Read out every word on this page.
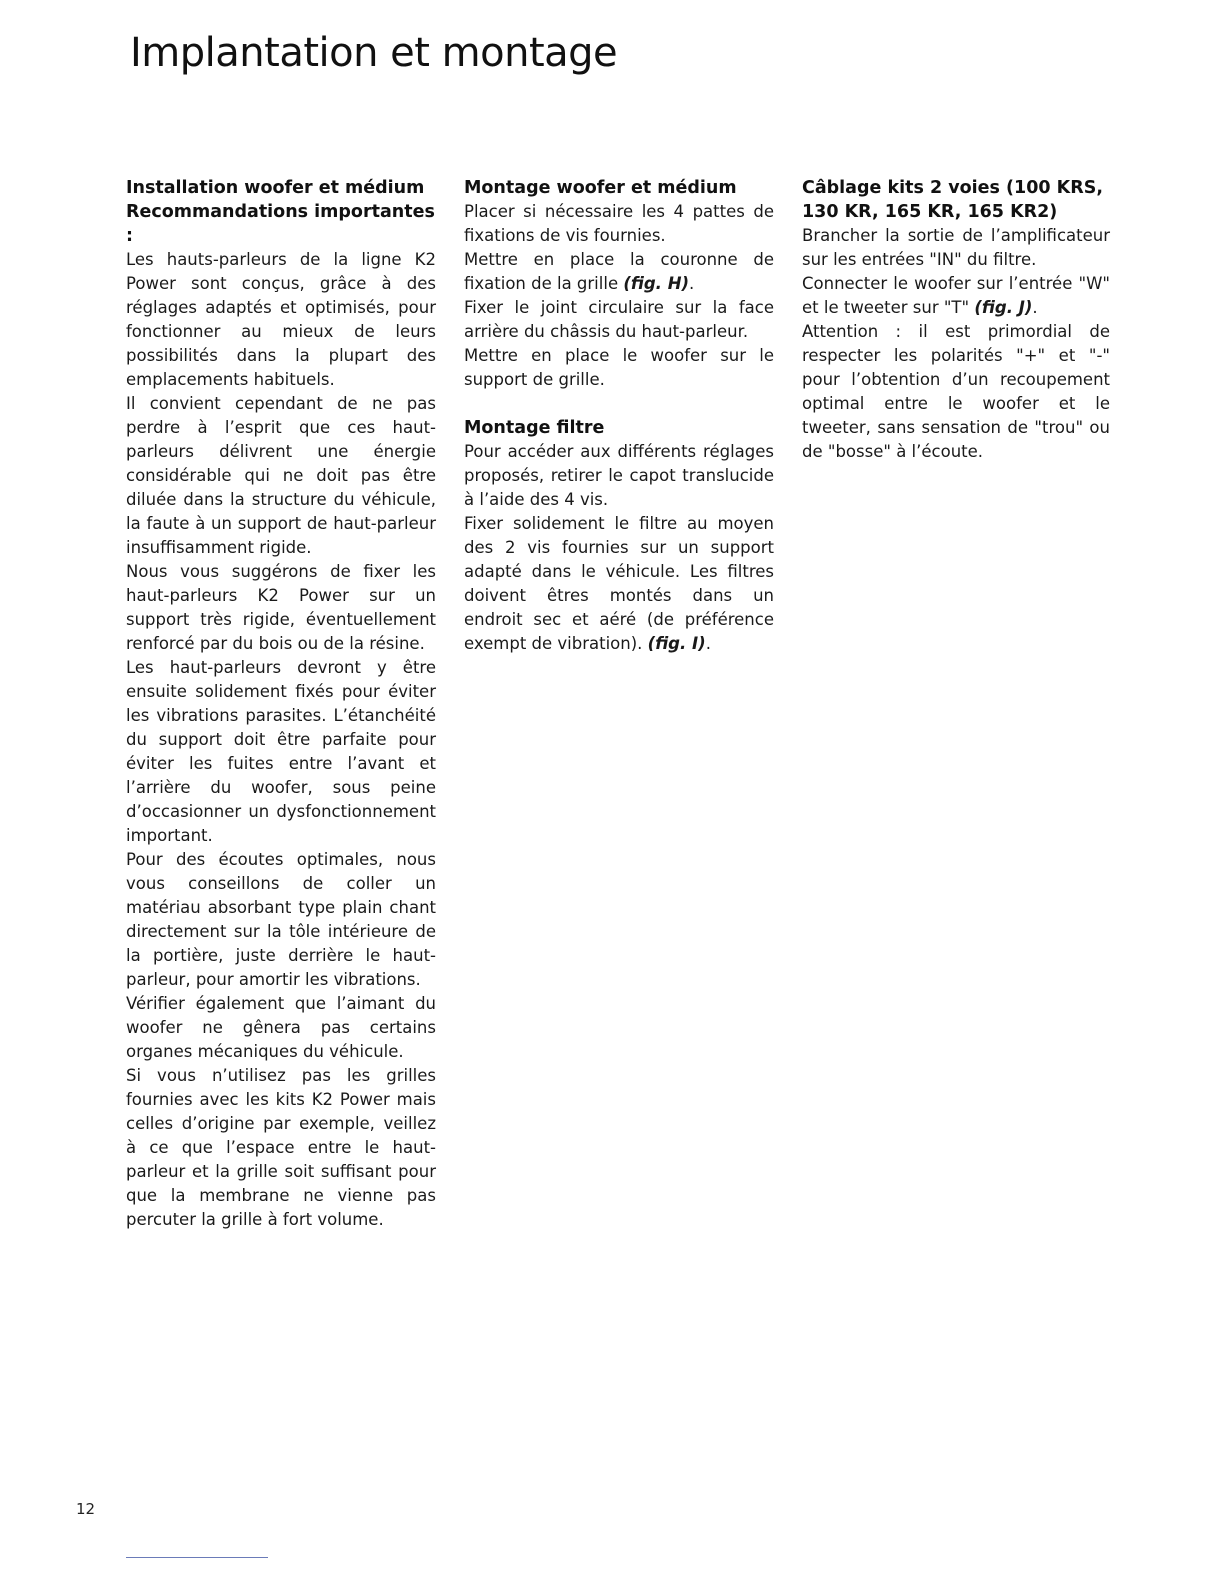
Implantation et montage
Installation woofer et médium
Recommandations importantes :

Les hauts-parleurs de la ligne K2 Power sont conçus, grâce à des réglages adaptés et optimisés, pour fonctionner au mieux de leurs possibilités dans la plupart des emplacements habituels.

Il convient cependant de ne pas perdre à l’esprit que ces haut-parleurs délivrent une énergie considérable qui ne doit pas être diluée dans la structure du véhicule, la faute à un support de haut-parleur insuffisamment rigide.

Nous vous suggérons de fixer les haut-parleurs K2 Power sur un support très rigide, éventuellement renforcé par du bois ou de la résine.

Les haut-parleurs devront y être ensuite solidement fixés pour éviter les vibrations parasites. L’étanchéité du support doit être parfaite pour éviter les fuites entre l’avant et l’arrière du woofer, sous peine d’occasionner un dysfonctionnement important.

Pour des écoutes optimales, nous vous conseillons de coller un matériau absorbant type plain chant directement sur la tôle intérieure de la portière, juste derrière le haut-parleur, pour amortir les vibrations.

Vérifier également que l’aimant du woofer ne gênera pas certains organes mécaniques du véhicule.

Si vous n’utilisez pas les grilles fournies avec les kits K2 Power mais celles d’origine par exemple, veillez à ce que l’espace entre le haut-parleur et la grille soit suffisant pour que la membrane ne vienne pas percuter la grille à fort volume.

Montage woofer et médium

Placer si nécessaire les 4 pattes de fixations de vis fournies.

Mettre en place la couronne de fixation de la grille (fig. H).

Fixer le joint circulaire sur la face arrière du châssis du haut-parleur.

Mettre en place le woofer sur le support de grille.

Montage filtre

Pour accéder aux différents réglages proposés, retirer le capot translucide à l’aide des 4 vis.

Fixer solidement le filtre au moyen des 2 vis fournies sur un support adapté dans le véhicule. Les filtres doivent êtres montés dans un endroit sec et aéré (de préférence exempt de vibration). (fig. I).

Câblage kits 2 voies (100 KRS, 130 KR, 165 KR, 165 KR2)

Brancher la sortie de l’amplificateur sur les entrées "IN" du filtre.

Connecter le woofer sur l’entrée "W" et le tweeter sur "T" (fig. J).

Attention : il est primordial de respecter les polarités "+" et "-" pour l’obtention d’un recoupement optimal entre le woofer et le tweeter, sans sensation de "trou" ou de "bosse" à l’écoute.

12
